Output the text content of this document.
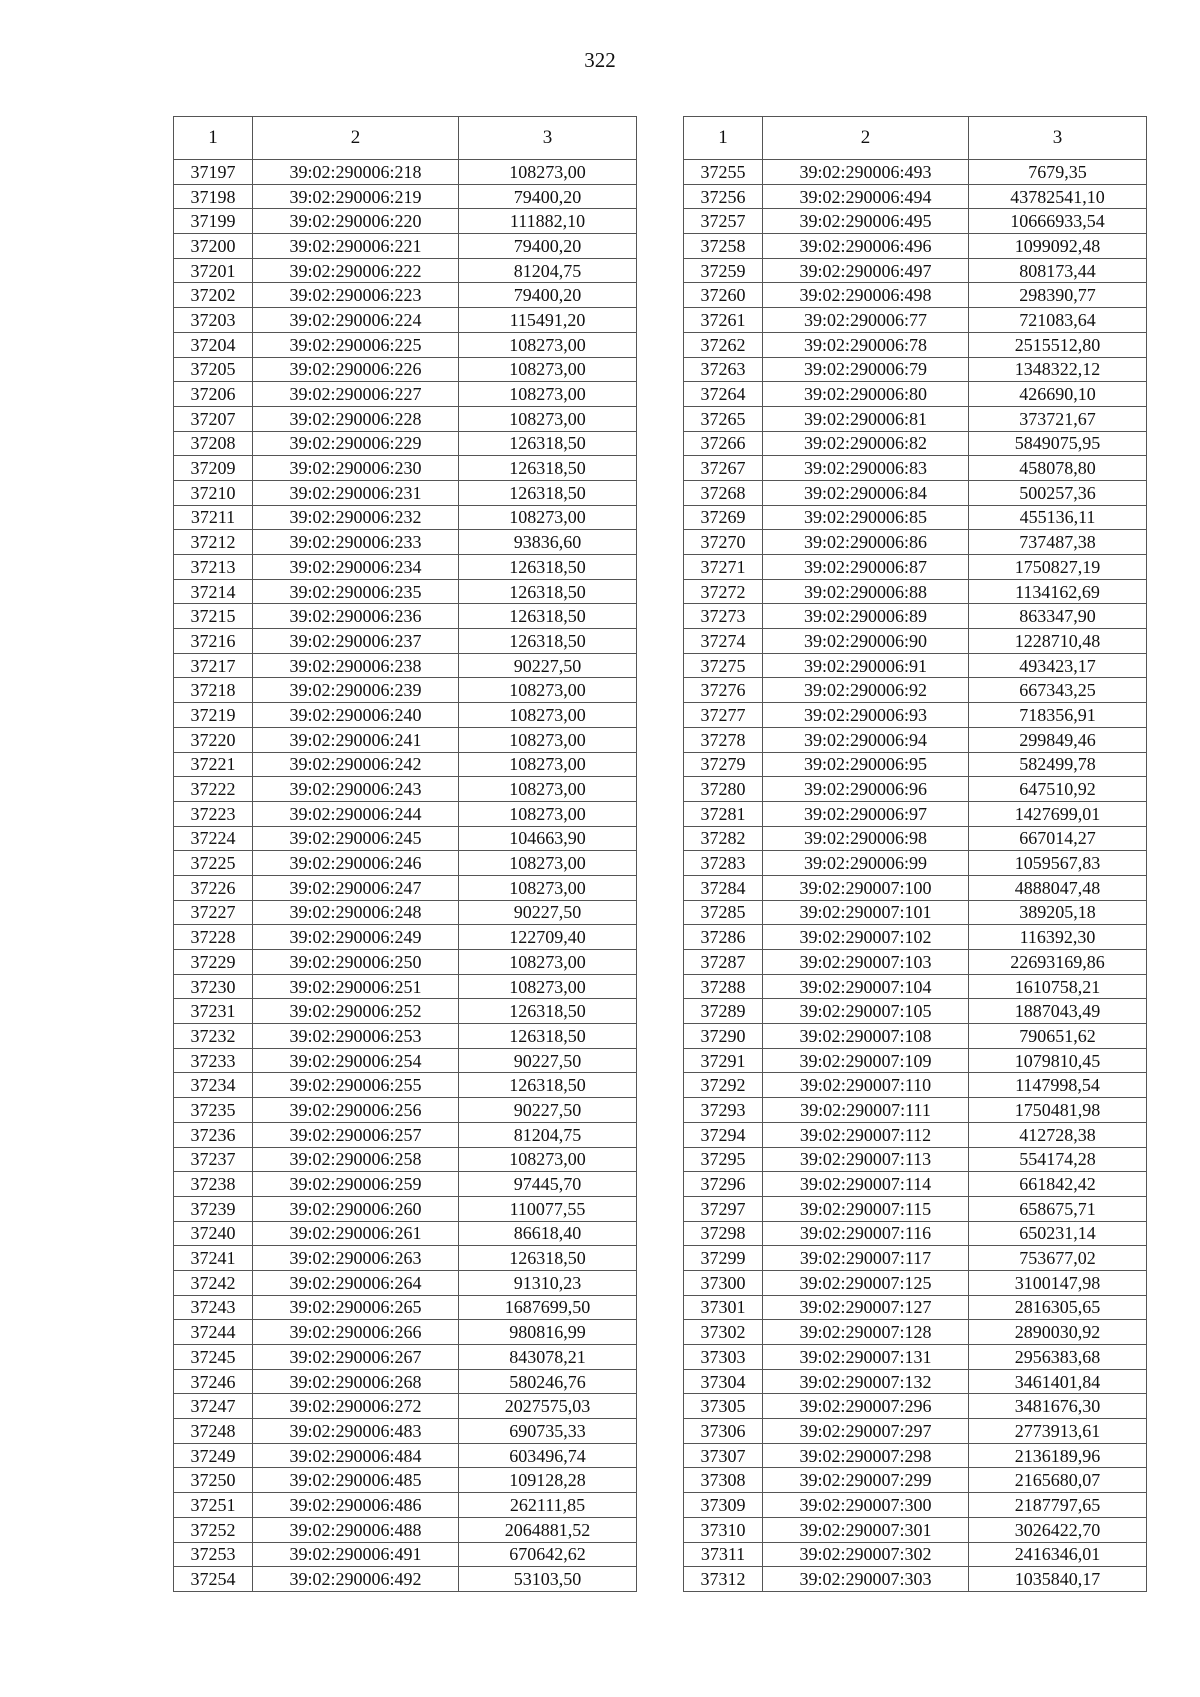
322
1	2	3
37197	39:02:290006:218	108273,00
37198	39:02:290006:219	79400,20
37199	39:02:290006:220	111882,10
37200	39:02:290006:221	79400,20
37201	39:02:290006:222	81204,75
37202	39:02:290006:223	79400,20
37203	39:02:290006:224	115491,20
37204	39:02:290006:225	108273,00
37205	39:02:290006:226	108273,00
37206	39:02:290006:227	108273,00
37207	39:02:290006:228	108273,00
37208	39:02:290006:229	126318,50
37209	39:02:290006:230	126318,50
37210	39:02:290006:231	126318,50
37211	39:02:290006:232	108273,00
37212	39:02:290006:233	93836,60
37213	39:02:290006:234	126318,50
37214	39:02:290006:235	126318,50
37215	39:02:290006:236	126318,50
37216	39:02:290006:237	126318,50
37217	39:02:290006:238	90227,50
37218	39:02:290006:239	108273,00
37219	39:02:290006:240	108273,00
37220	39:02:290006:241	108273,00
37221	39:02:290006:242	108273,00
37222	39:02:290006:243	108273,00
37223	39:02:290006:244	108273,00
37224	39:02:290006:245	104663,90
37225	39:02:290006:246	108273,00
37226	39:02:290006:247	108273,00
37227	39:02:290006:248	90227,50
37228	39:02:290006:249	122709,40
37229	39:02:290006:250	108273,00
37230	39:02:290006:251	108273,00
37231	39:02:290006:252	126318,50
37232	39:02:290006:253	126318,50
37233	39:02:290006:254	90227,50
37234	39:02:290006:255	126318,50
37235	39:02:290006:256	90227,50
37236	39:02:290006:257	81204,75
37237	39:02:290006:258	108273,00
37238	39:02:290006:259	97445,70
37239	39:02:290006:260	110077,55
37240	39:02:290006:261	86618,40
37241	39:02:290006:263	126318,50
37242	39:02:290006:264	91310,23
37243	39:02:290006:265	1687699,50
37244	39:02:290006:266	980816,99
37245	39:02:290006:267	843078,21
37246	39:02:290006:268	580246,76
37247	39:02:290006:272	2027575,03
37248	39:02:290006:483	690735,33
37249	39:02:290006:484	603496,74
37250	39:02:290006:485	109128,28
37251	39:02:290006:486	262111,85
37252	39:02:290006:488	2064881,52
37253	39:02:290006:491	670642,62
37254	39:02:290006:492	53103,50
1	2	3
37255	39:02:290006:493	7679,35
37256	39:02:290006:494	43782541,10
37257	39:02:290006:495	10666933,54
37258	39:02:290006:496	1099092,48
37259	39:02:290006:497	808173,44
37260	39:02:290006:498	298390,77
37261	39:02:290006:77	721083,64
37262	39:02:290006:78	2515512,80
37263	39:02:290006:79	1348322,12
37264	39:02:290006:80	426690,10
37265	39:02:290006:81	373721,67
37266	39:02:290006:82	5849075,95
37267	39:02:290006:83	458078,80
37268	39:02:290006:84	500257,36
37269	39:02:290006:85	455136,11
37270	39:02:290006:86	737487,38
37271	39:02:290006:87	1750827,19
37272	39:02:290006:88	1134162,69
37273	39:02:290006:89	863347,90
37274	39:02:290006:90	1228710,48
37275	39:02:290006:91	493423,17
37276	39:02:290006:92	667343,25
37277	39:02:290006:93	718356,91
37278	39:02:290006:94	299849,46
37279	39:02:290006:95	582499,78
37280	39:02:290006:96	647510,92
37281	39:02:290006:97	1427699,01
37282	39:02:290006:98	667014,27
37283	39:02:290006:99	1059567,83
37284	39:02:290007:100	4888047,48
37285	39:02:290007:101	389205,18
37286	39:02:290007:102	116392,30
37287	39:02:290007:103	22693169,86
37288	39:02:290007:104	1610758,21
37289	39:02:290007:105	1887043,49
37290	39:02:290007:108	790651,62
37291	39:02:290007:109	1079810,45
37292	39:02:290007:110	1147998,54
37293	39:02:290007:111	1750481,98
37294	39:02:290007:112	412728,38
37295	39:02:290007:113	554174,28
37296	39:02:290007:114	661842,42
37297	39:02:290007:115	658675,71
37298	39:02:290007:116	650231,14
37299	39:02:290007:117	753677,02
37300	39:02:290007:125	3100147,98
37301	39:02:290007:127	2816305,65
37302	39:02:290007:128	2890030,92
37303	39:02:290007:131	2956383,68
37304	39:02:290007:132	3461401,84
37305	39:02:290007:296	3481676,30
37306	39:02:290007:297	2773913,61
37307	39:02:290007:298	2136189,96
37308	39:02:290007:299	2165680,07
37309	39:02:290007:300	2187797,65
37310	39:02:290007:301	3026422,70
37311	39:02:290007:302	2416346,01
37312	39:02:290007:303	1035840,17
